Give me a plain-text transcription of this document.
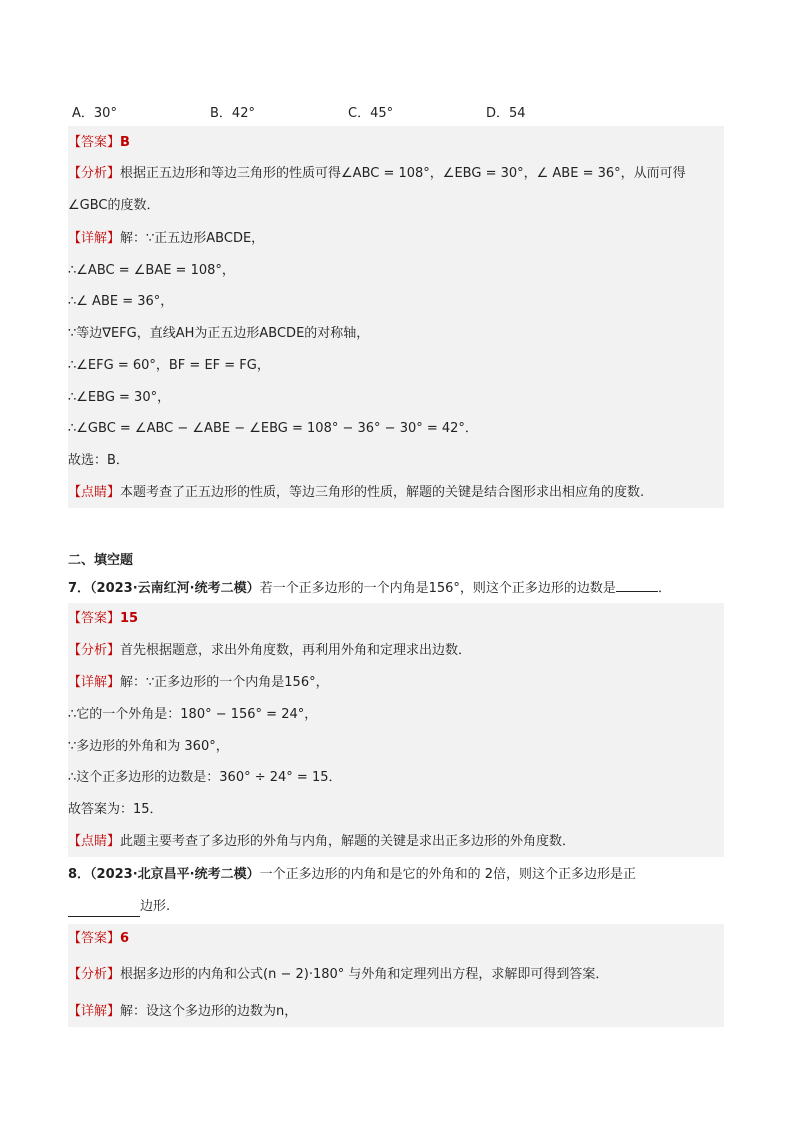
A．30°	B．42°	C．45°	D．54
【答案】B
【分析】根据正五边形和等边三角形的性质可得∠ABC = 108°，∠EBG = 30°，∠ ABE = 36°，从而可得
∠GBC的度数．
【详解】解：∵正五边形ABCDE，
∴∠ABC = ∠BAE = 108°，
∴∠ ABE = 36°，
∵等边∇EFG，直线AH为正五边形ABCDE的对称轴，
∴∠EFG = 60°，BF = EF = FG，
∴∠EBG = 30°，
∴∠GBC = ∠ABC − ∠ABE − ∠EBG = 108° − 36° − 30° = 42°．
故选：B．
【点睛】本题考查了正五边形的性质，等边三角形的性质，解题的关键是结合图形求出相应角的度数.
二、填空题
7．（2023·云南红河·统考二模）若一个正多边形的一个内角是156°，则这个正多边形的边数是	．
【答案】15
【分析】首先根据题意，求出外角度数，再利用外角和定理求出边数．
【详解】解：∵正多边形的一个内角是156°，
∴它的一个外角是：180° − 156° = 24°，
∵多边形的外角和为 360°，
∴这个正多边形的边数是：360° ÷ 24° = 15．
故答案为：15．
【点睛】此题主要考查了多边形的外角与内角，解题的关键是求出正多边形的外角度数．
8．（2023·北京昌平·统考二模）一个正多边形的内角和是它的外角和的 2倍，则这个正多边形是正
边形.
【答案】6
【分析】根据多边形的内角和公式(n − 2)·180° 与外角和定理列出方程，求解即可得到答案．
【详解】解：设这个多边形的边数为n，
